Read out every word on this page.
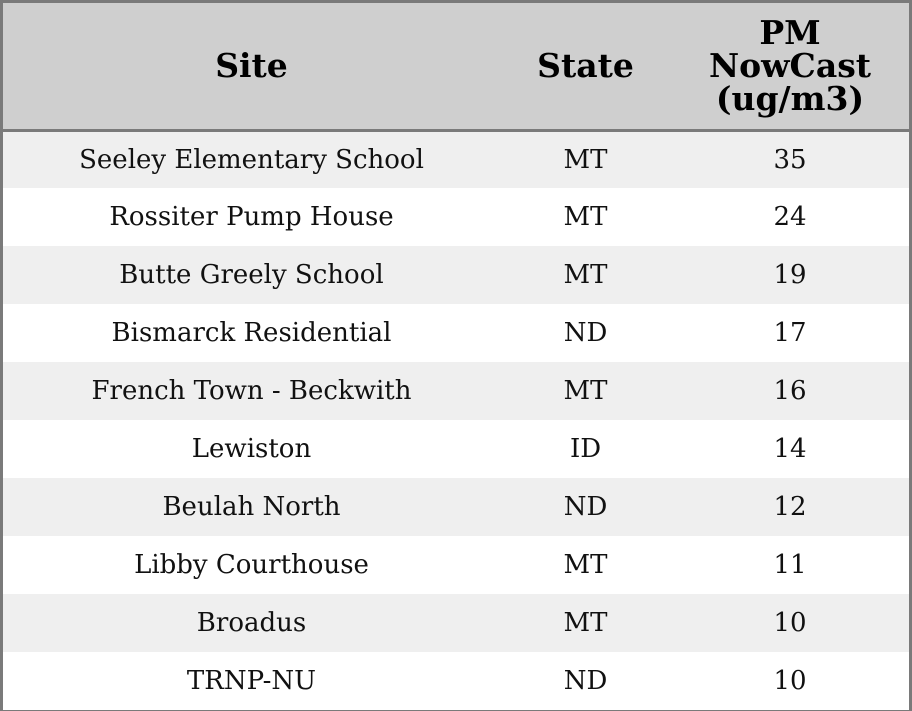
Site	State	PM
NowCast
(ug/m3)

Seeley Elementary School	MT	35
Rossiter Pump House	MT	24
Butte Greely School	MT	19
Bismarck Residential	ND	17
French Town - Beckwith	MT	16
Lewiston	ID	14
Beulah North	ND	12
Libby Courthouse	MT	11
Broadus	MT	10
TRNP-NU	ND	10
